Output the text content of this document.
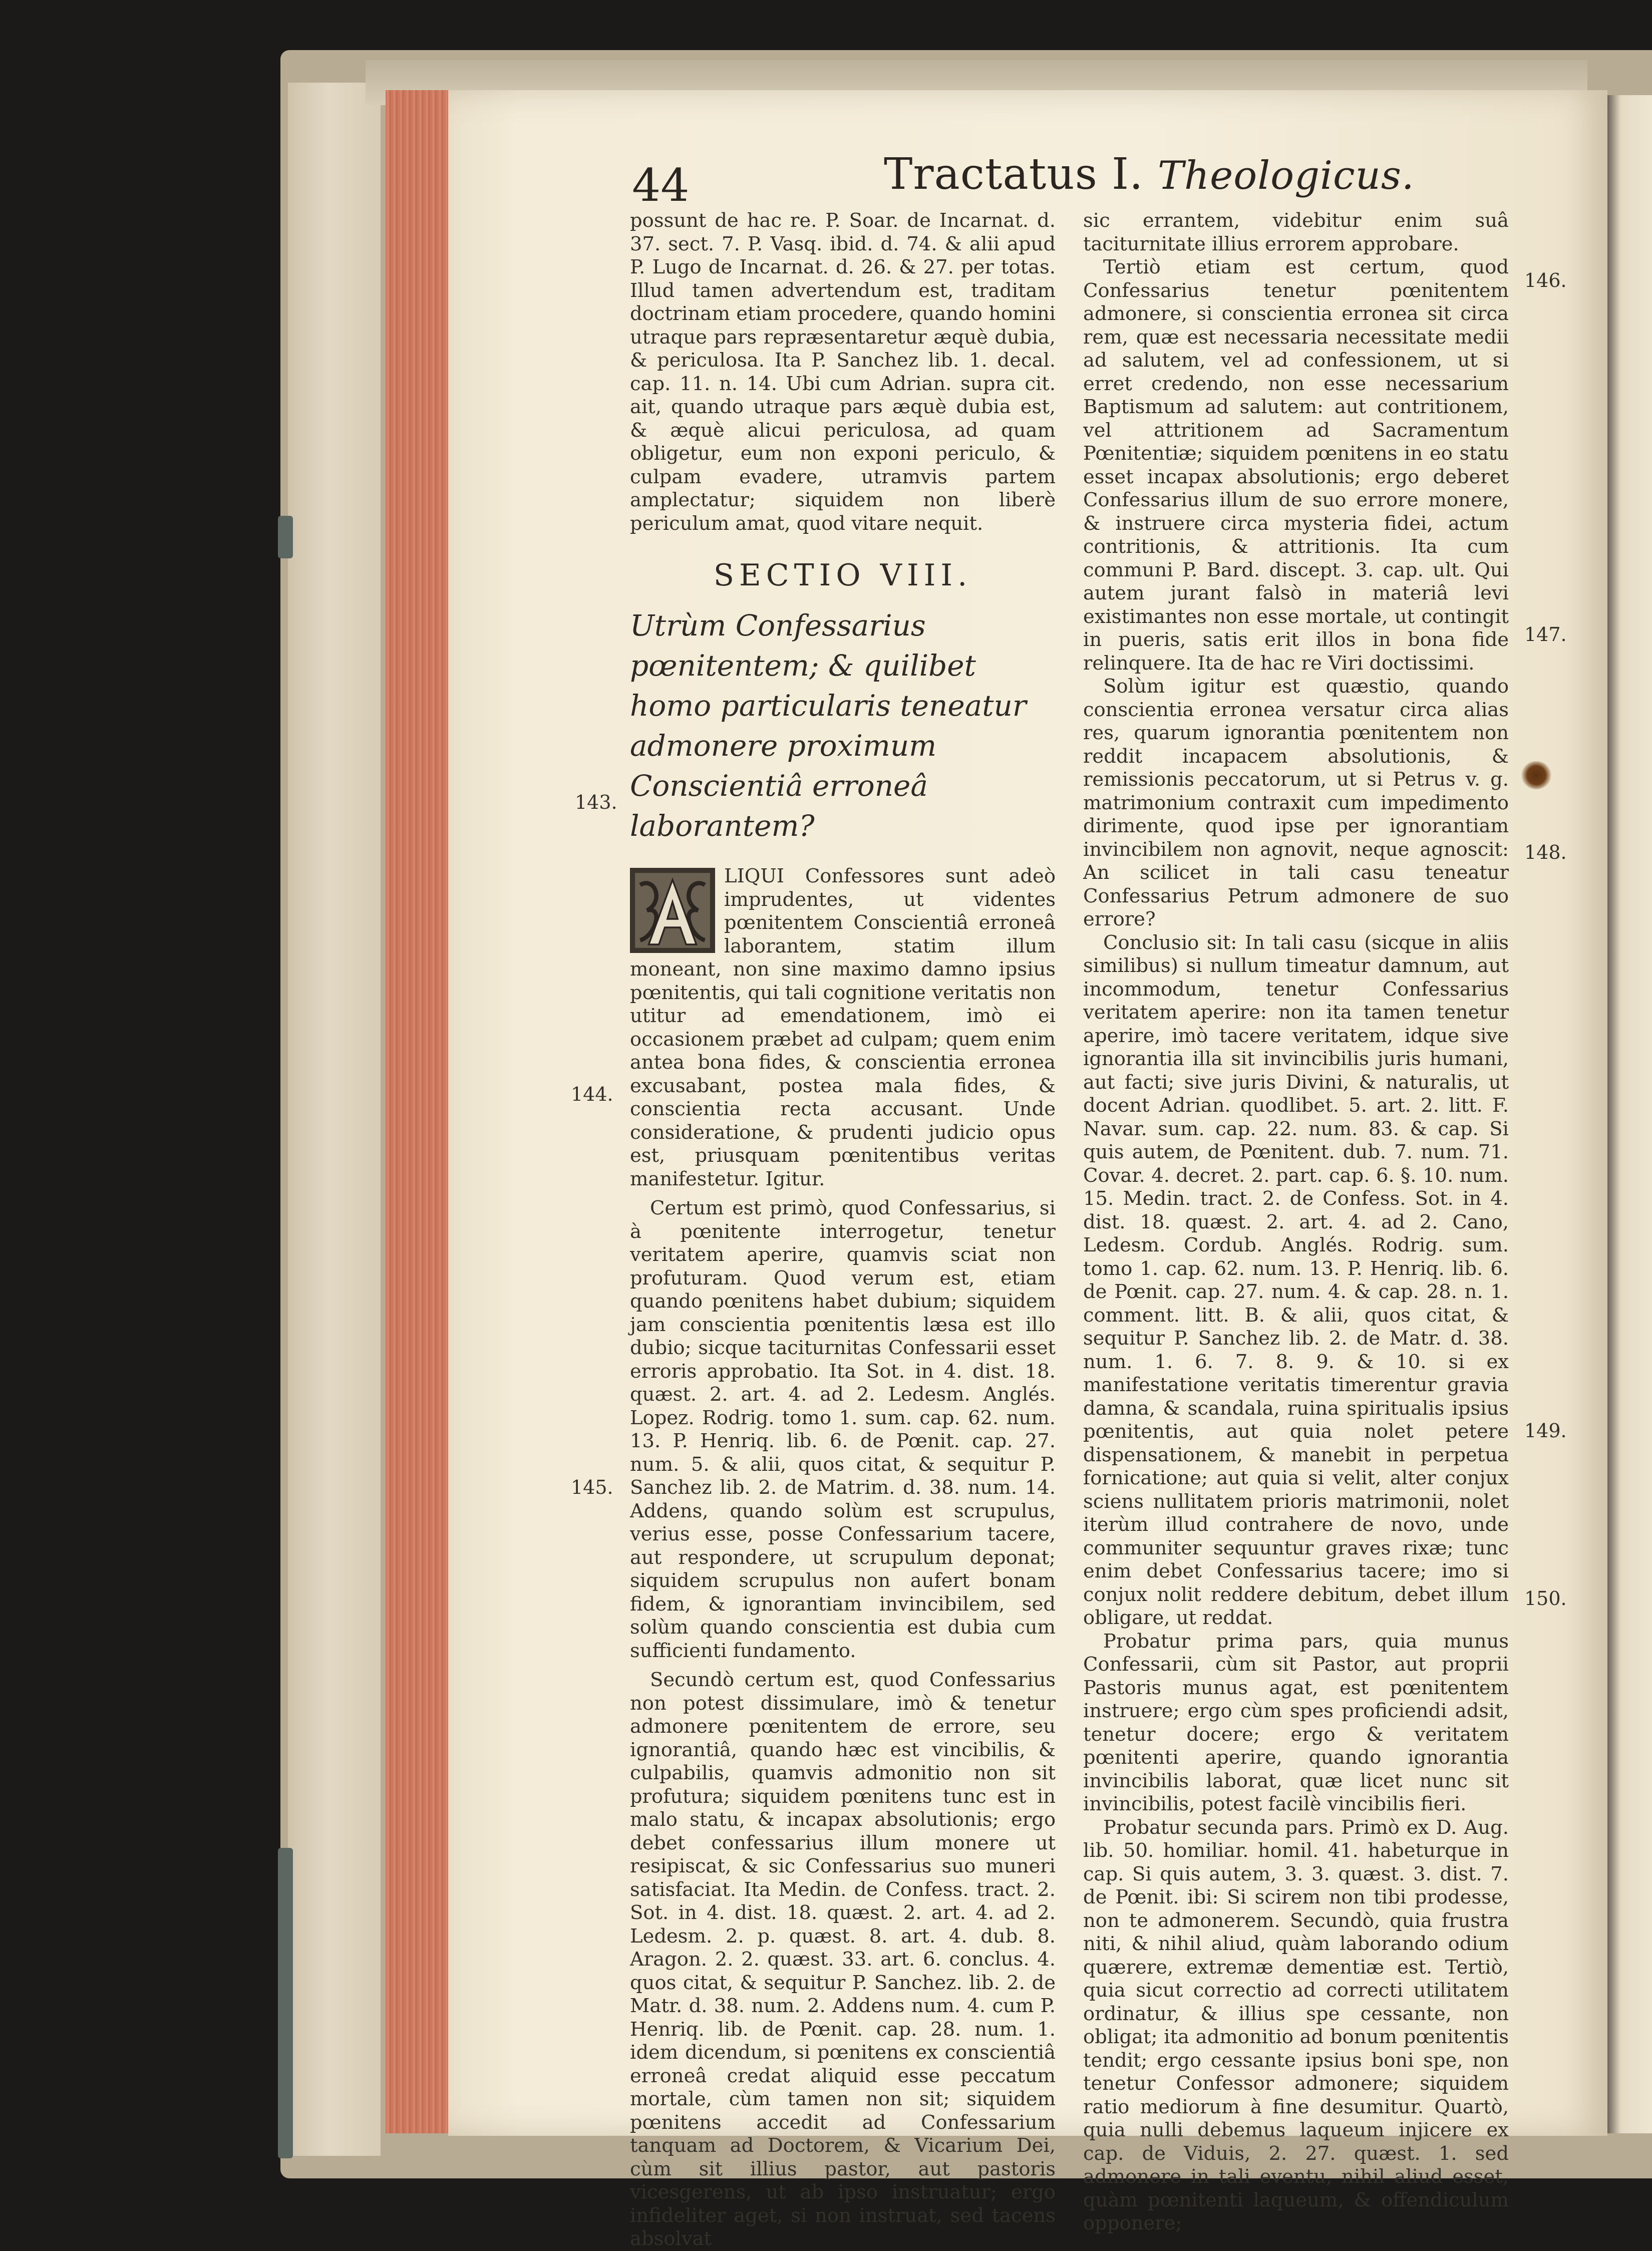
44	Tractatus I. Theologicus.

possunt de hac re. P. Soar. de Incarnat. d. 37. sect. 7. P. Vasq. ibid. d. 74. & alii apud P. Lugo de Incarnat. d. 26. & 27. per totas. Illud tamen advertendum est, traditam doctrinam etiam procedere, quando homini utraque pars repræsentaretur æquè dubia, & periculosa. Ita P. Sanchez lib. 1. decal. cap. 11. n. 14. Ubi cum Adrian. supra cit. ait, quando utraque pars æquè dubia est, & æquè alicui periculosa, ad quam obligetur, eum non exponi periculo, & culpam evadere, utramvis partem amplectatur; siquidem non liberè periculum amat, quod vitare nequit.

SECTIO VIII.

Utrùm Confessarius pœnitentem; & quilibet homo particularis teneatur admonere proximum Conscientiâ erroneâ laborantem?

LIQUI Confessores sunt adeò imprudentes, ut videntes pœnitentem Conscientiâ erroneâ laborantem, statim illum moneant, non sine maximo damno ipsius pœnitentis, qui tali cognitione veritatis non utitur ad emendationem, imò ei occasionem præbet ad culpam; quem enim antea bona fides, & conscientia erronea excusabant, postea mala fides, & conscientia recta accusant. Unde consideratione, & prudenti judicio opus est, priusquam pœnitentibus veritas manifestetur. Igitur.

Certum est primò, quod Confessarius, si à pœnitente interrogetur, tenetur veritatem aperire, quamvis sciat non profuturam. Quod verum est, etiam quando pœnitens habet dubium; siquidem jam conscientia pœnitentis læsa est illo dubio; sicque taciturnitas Confessarii esset erroris approbatio. Ita Sot. in 4. dist. 18. quæst. 2. art. 4. ad 2. Ledesm. Anglés. Lopez. Rodrig. tomo 1. sum. cap. 62. num. 13. P. Henriq. lib. 6. de Pœnit. cap. 27. num. 5. & alii, quos citat, & sequitur P. Sanchez lib. 2. de Matrim. d. 38. num. 14. Addens, quando solùm est scrupulus, verius esse, posse Confessarium tacere, aut respondere, ut scrupulum deponat; siquidem scrupulus non aufert bonam fidem, & ignorantiam invincibilem, sed solùm quando conscientia est dubia cum sufficienti fundamento.

Secundò certum est, quod Confessarius non potest dissimulare, imò & tenetur admonere pœnitentem de errore, seu ignorantiâ, quando hæc est vincibilis, & culpabilis, quamvis admonitio non sit profutura; siquidem pœnitens tunc est in malo statu, & incapax absolutionis; ergo debet confessarius illum monere ut resipiscat, & sic Confessarius suo muneri satisfaciat. Ita Medin. de Confess. tract. 2. Sot. in 4. dist. 18. quæst. 2. art. 4. ad 2. Ledesm. 2. p. quæst. 8. art. 4. dub. 8. Aragon. 2. 2. quæst. 33. art. 6. conclus. 4. quos citat, & sequitur P. Sanchez. lib. 2. de Matr. d. 38. num. 2. Addens num. 4. cum P. Henriq. lib. de Pœnit. cap. 28. num. 1. idem dicendum, si pœnitens ex conscientiâ erroneâ credat aliquid esse peccatum mortale, cùm tamen non sit; siquidem pœnitens accedit ad Confessarium tanquam ad Doctorem, & Vicarium Dei, cùm sit illius pastor, aut pastoris vicesgerens, ut ab ipso instruatur; ergo infideliter aget, si non instruat, sed tacens absolvat

sic errantem, videbitur enim suâ taciturnitate illius errorem approbare.

Tertiò etiam est certum, quod Confessarius tenetur pœnitentem admonere, si conscientia erronea sit circa rem, quæ est necessaria necessitate medii ad salutem, vel ad confessionem, ut si erret credendo, non esse necessarium Baptismum ad salutem: aut contritionem, vel attritionem ad Sacramentum Pœnitentiæ; siquidem pœnitens in eo statu esset incapax absolutionis; ergo deberet Confessarius illum de suo errore monere, & instruere circa mysteria fidei, actum contritionis, & attritionis. Ita cum communi P. Bard. discept. 3. cap. ult. Qui autem jurant falsò in materiâ levi existimantes non esse mortale, ut contingit in pueris, satis erit illos in bona fide relinquere. Ita de hac re Viri doctissimi.

Solùm igitur est quæstio, quando conscientia erronea versatur circa alias res, quarum ignorantia pœnitentem non reddit incapacem absolutionis, & remissionis peccatorum, ut si Petrus v. g. matrimonium contraxit cum impedimento dirimente, quod ipse per ignorantiam invincibilem non agnovit, neque agnoscit: An scilicet in tali casu teneatur Confessarius Petrum admonere de suo errore?

Conclusio sit: In tali casu (sicque in aliis similibus) si nullum timeatur damnum, aut incommodum, tenetur Confessarius veritatem aperire: non ita tamen tenetur aperire, imò tacere veritatem, idque sive ignorantia illa sit invincibilis juris humani, aut facti; sive juris Divini, & naturalis, ut docent Adrian. quodlibet. 5. art. 2. litt. F. Navar. sum. cap. 22. num. 83. & cap. Si quis autem, de Pœnitent. dub. 7. num. 71. Covar. 4. decret. 2. part. cap. 6. §. 10. num. 15. Medin. tract. 2. de Confess. Sot. in 4. dist. 18. quæst. 2. art. 4. ad 2. Cano, Ledesm. Cordub. Anglés. Rodrig. sum. tomo 1. cap. 62. num. 13. P. Henriq. lib. 6. de Pœnit. cap. 27. num. 4. & cap. 28. n. 1. comment. litt. B. & alii, quos citat, & sequitur P. Sanchez lib. 2. de Matr. d. 38. num. 1. 6. 7. 8. 9. & 10. si ex manifestatione veritatis timerentur gravia damna, & scandala, ruina spiritualis ipsius pœnitentis, aut quia nolet petere dispensationem, & manebit in perpetua fornicatione; aut quia si velit, alter conjux sciens nullitatem prioris matrimonii, nolet iterùm illud contrahere de novo, unde communiter sequuntur graves rixæ; tunc enim debet Confessarius tacere; imo si conjux nolit reddere debitum, debet illum obligare, ut reddat.

Probatur prima pars, quia munus Confessarii, cùm sit Pastor, aut proprii Pastoris munus agat, est pœnitentem instruere; ergo cùm spes proficiendi adsit, tenetur docere; ergo & veritatem pœnitenti aperire, quando ignorantia invincibilis laborat, quæ licet nunc sit invincibilis, potest facilè vincibilis fieri.

Probatur secunda pars. Primò ex D. Aug. lib. 50. homiliar. homil. 41. habeturque in cap. Si quis autem, 3. 3. quæst. 3. dist. 7. de Pœnit. ibi: Si scirem non tibi prodesse, non te admonerem. Secundò, quia frustra niti, & nihil aliud, quàm laborando odium quærere, extremæ dementiæ est. Tertiò, quia sicut correctio ad correcti utilitatem ordinatur, & illius spe cessante, non obligat; ita admonitio ad bonum pœnitentis tendit; ergo cessante ipsius boni spe, non tenetur Confessor admonere; siquidem ratio mediorum à fine desumitur. Quartò, quia nulli debemus laqueum injicere ex cap. de Viduis, 2. 27. quæst. 1. sed admonere in tali eventu, nihil aliud esset, quàm pœnitenti laqueum, & offendiculum opponere;

143.

144.

145.

146.

147.

148.

149.

150.
